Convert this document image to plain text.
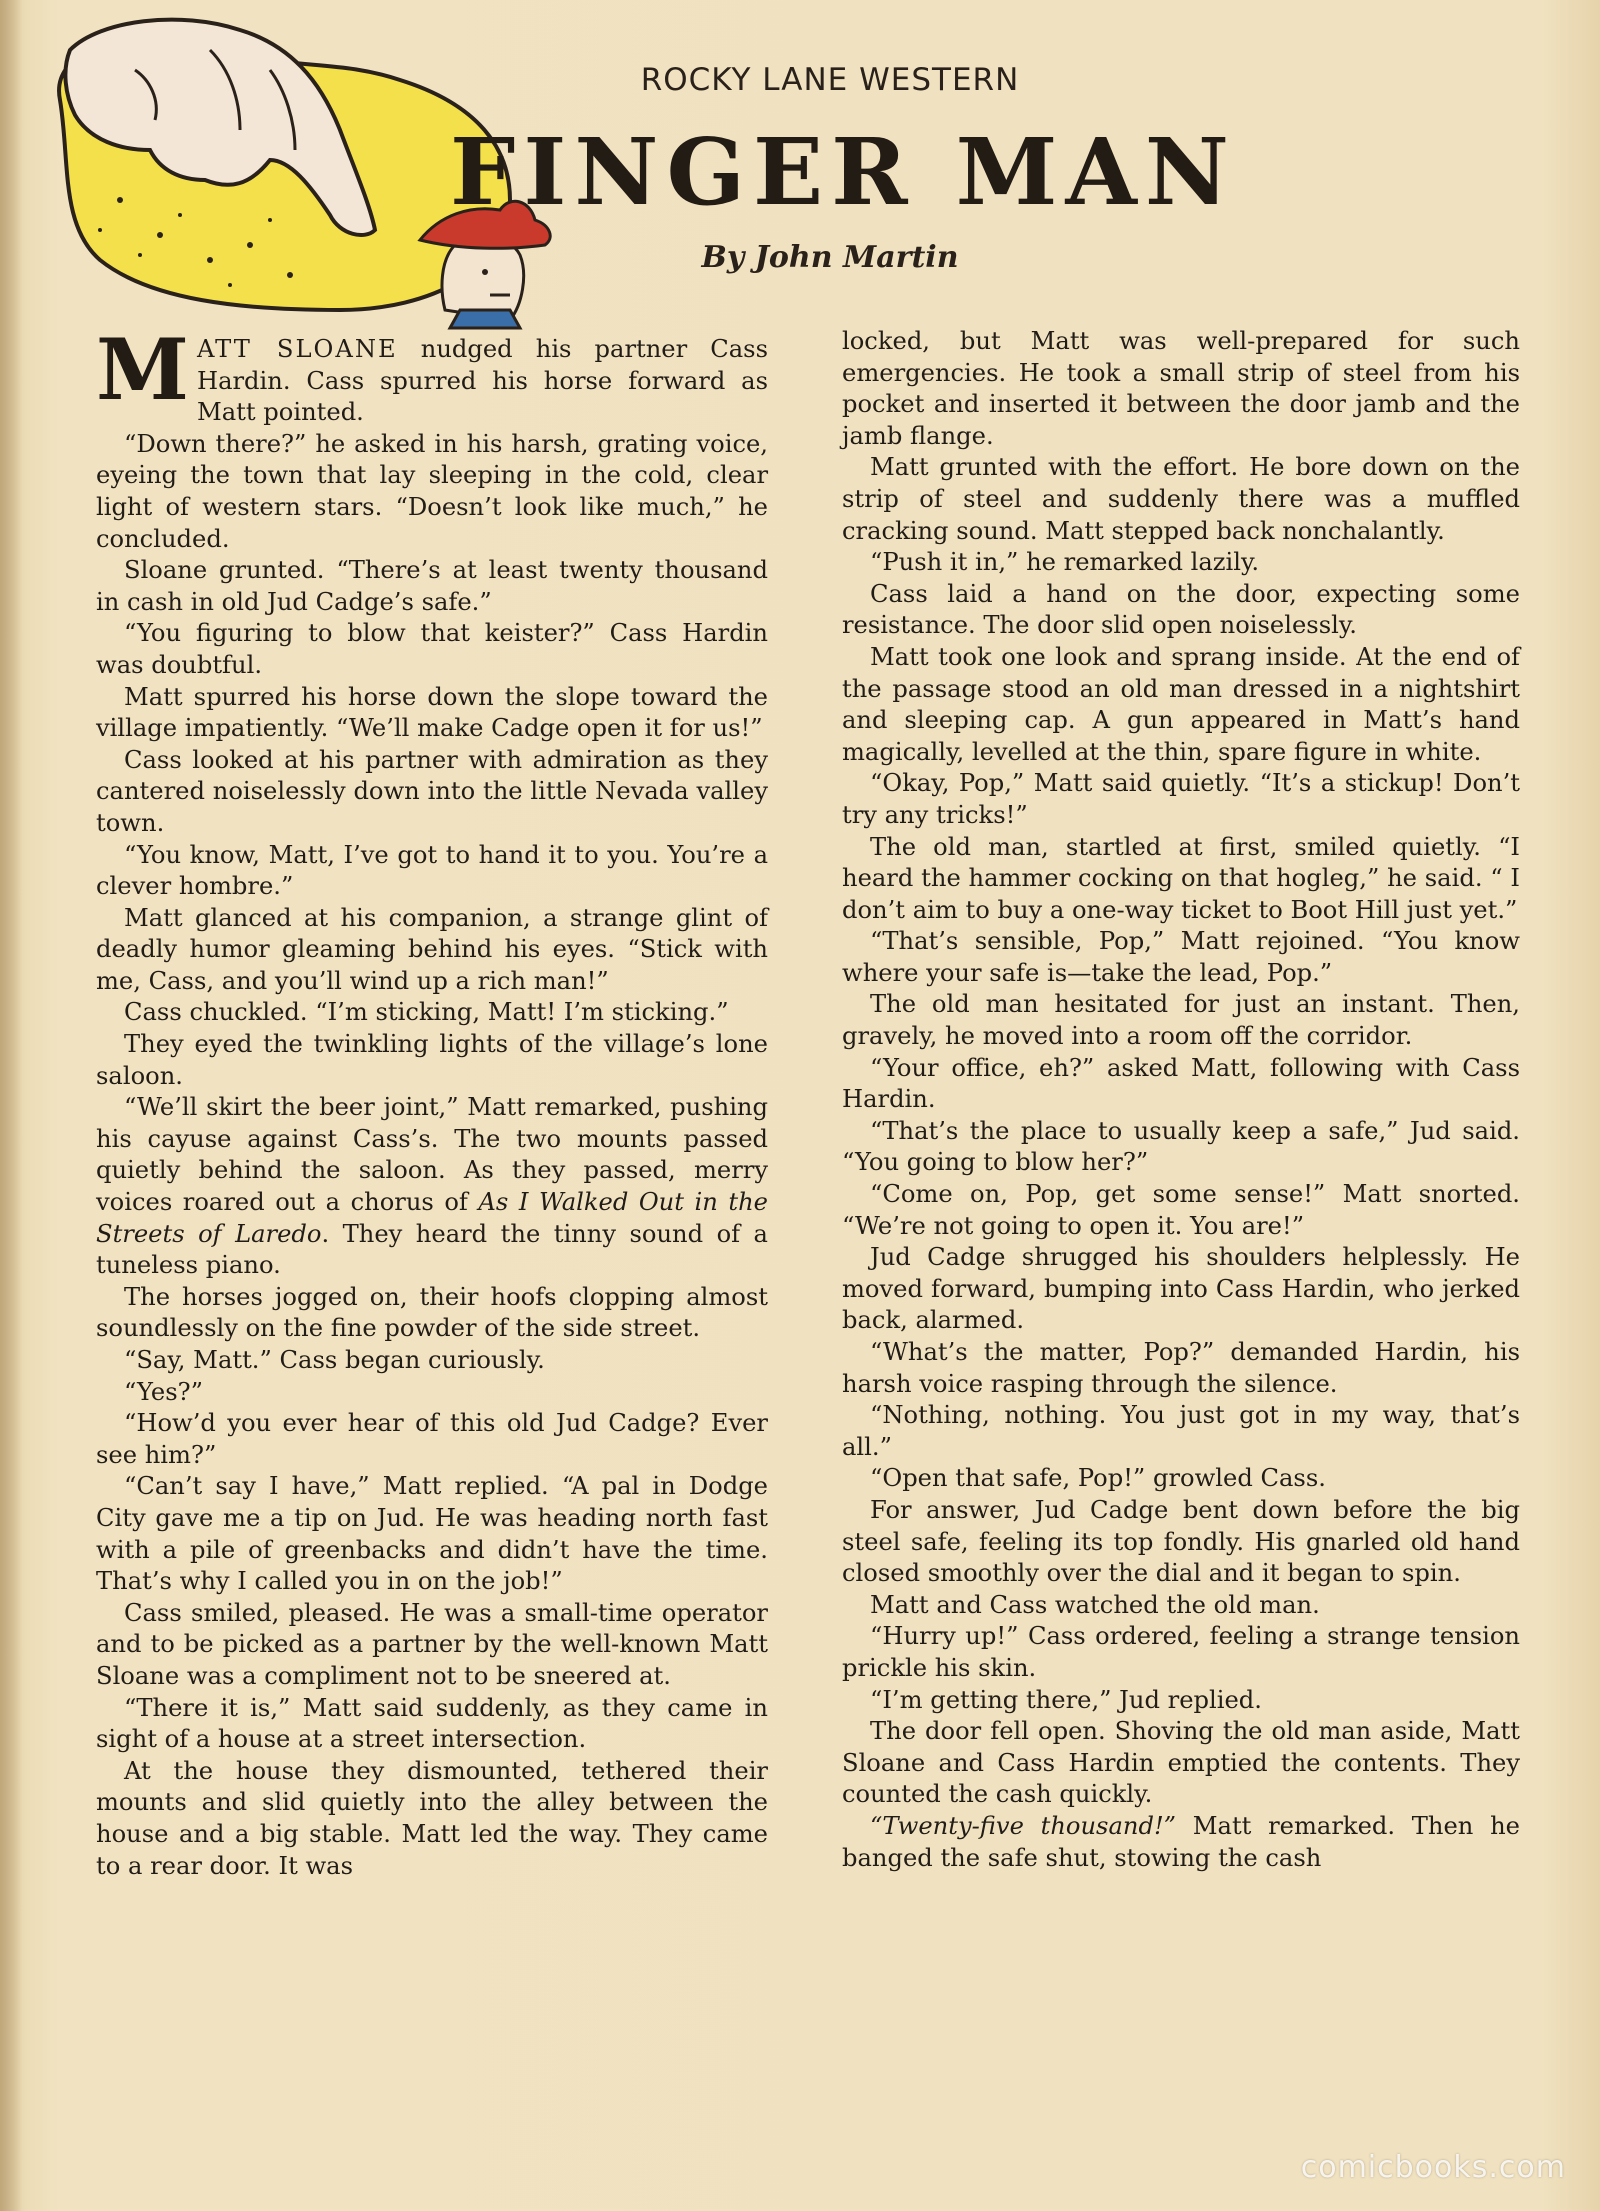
ROCKY LANE WESTERN
FINGER MAN
By John Martin

MATT SLOANE nudged his partner Cass Hardin. Cass spurred his horse forward as Matt pointed.

“Down there?” he asked in his harsh, grating voice, eyeing the town that lay sleeping in the cold, clear light of western stars. “Doesn’t look like much,” he concluded.

Sloane grunted. “There’s at least twenty thousand in cash in old Jud Cadge’s safe.”

“You figuring to blow that keister?” Cass Hardin was doubtful.

Matt spurred his horse down the slope toward the village impatiently. “We’ll make Cadge open it for us!”

Cass looked at his partner with admiration as they cantered noiselessly down into the little Nevada valley town.

“You know, Matt, I’ve got to hand it to you. You’re a clever hombre.”

Matt glanced at his companion, a strange glint of deadly humor gleaming behind his eyes. “Stick with me, Cass, and you’ll wind up a rich man!”

Cass chuckled. “I’m sticking, Matt! I’m sticking.”

They eyed the twinkling lights of the village’s lone saloon.

“We’ll skirt the beer joint,” Matt remarked, pushing his cayuse against Cass’s. The two mounts passed quietly behind the saloon. As they passed, merry voices roared out a chorus of As I Walked Out in the Streets of Laredo. They heard the tinny sound of a tuneless piano.

The horses jogged on, their hoofs clopping almost soundlessly on the fine powder of the side street.

“Say, Matt.” Cass began curiously.

“Yes?”

“How’d you ever hear of this old Jud Cadge? Ever see him?”

“Can’t say I have,” Matt replied. “A pal in Dodge City gave me a tip on Jud. He was heading north fast with a pile of greenbacks and didn’t have the time. That’s why I called you in on the job!”

Cass smiled, pleased. He was a small-time operator and to be picked as a partner by the well-known Matt Sloane was a compliment not to be sneered at.

“There it is,” Matt said suddenly, as they came in sight of a house at a street intersection.

At the house they dismounted, tethered their mounts and slid quietly into the alley between the house and a big stable. Matt led the way. They came to a rear door. It was

locked, but Matt was well-prepared for such emergencies. He took a small strip of steel from his pocket and inserted it between the door jamb and the jamb flange.

Matt grunted with the effort. He bore down on the strip of steel and suddenly there was a muffled cracking sound. Matt stepped back nonchalantly.

“Push it in,” he remarked lazily.

Cass laid a hand on the door, expecting some resistance. The door slid open noiselessly.

Matt took one look and sprang inside. At the end of the passage stood an old man dressed in a nightshirt and sleeping cap. A gun appeared in Matt’s hand magically, levelled at the thin, spare figure in white.

“Okay, Pop,” Matt said quietly. “It’s a stickup! Don’t try any tricks!”

The old man, startled at first, smiled quietly. “I heard the hammer cocking on that hogleg,” he said. “ I don’t aim to buy a one-way ticket to Boot Hill just yet.”

“That’s sensible, Pop,” Matt rejoined. “You know where your safe is—take the lead, Pop.”

The old man hesitated for just an instant. Then, gravely, he moved into a room off the corridor.

“Your office, eh?” asked Matt, following with Cass Hardin.

“That’s the place to usually keep a safe,” Jud said. “You going to blow her?”

“Come on, Pop, get some sense!” Matt snorted. “We’re not going to open it. You are!”

Jud Cadge shrugged his shoulders helplessly. He moved forward, bumping into Cass Hardin, who jerked back, alarmed.

“What’s the matter, Pop?” demanded Hardin, his harsh voice rasping through the silence.

“Nothing, nothing. You just got in my way, that’s all.”

“Open that safe, Pop!” growled Cass.

For answer, Jud Cadge bent down before the big steel safe, feeling its top fondly. His gnarled old hand closed smoothly over the dial and it began to spin.

Matt and Cass watched the old man.

“Hurry up!” Cass ordered, feeling a strange tension prickle his skin.

“I’m getting there,” Jud replied.

The door fell open. Shoving the old man aside, Matt Sloane and Cass Hardin emptied the contents. They counted the cash quickly.

“Twenty-five thousand!” Matt remarked. Then he banged the safe shut, stowing the cash

comicbooks.com
